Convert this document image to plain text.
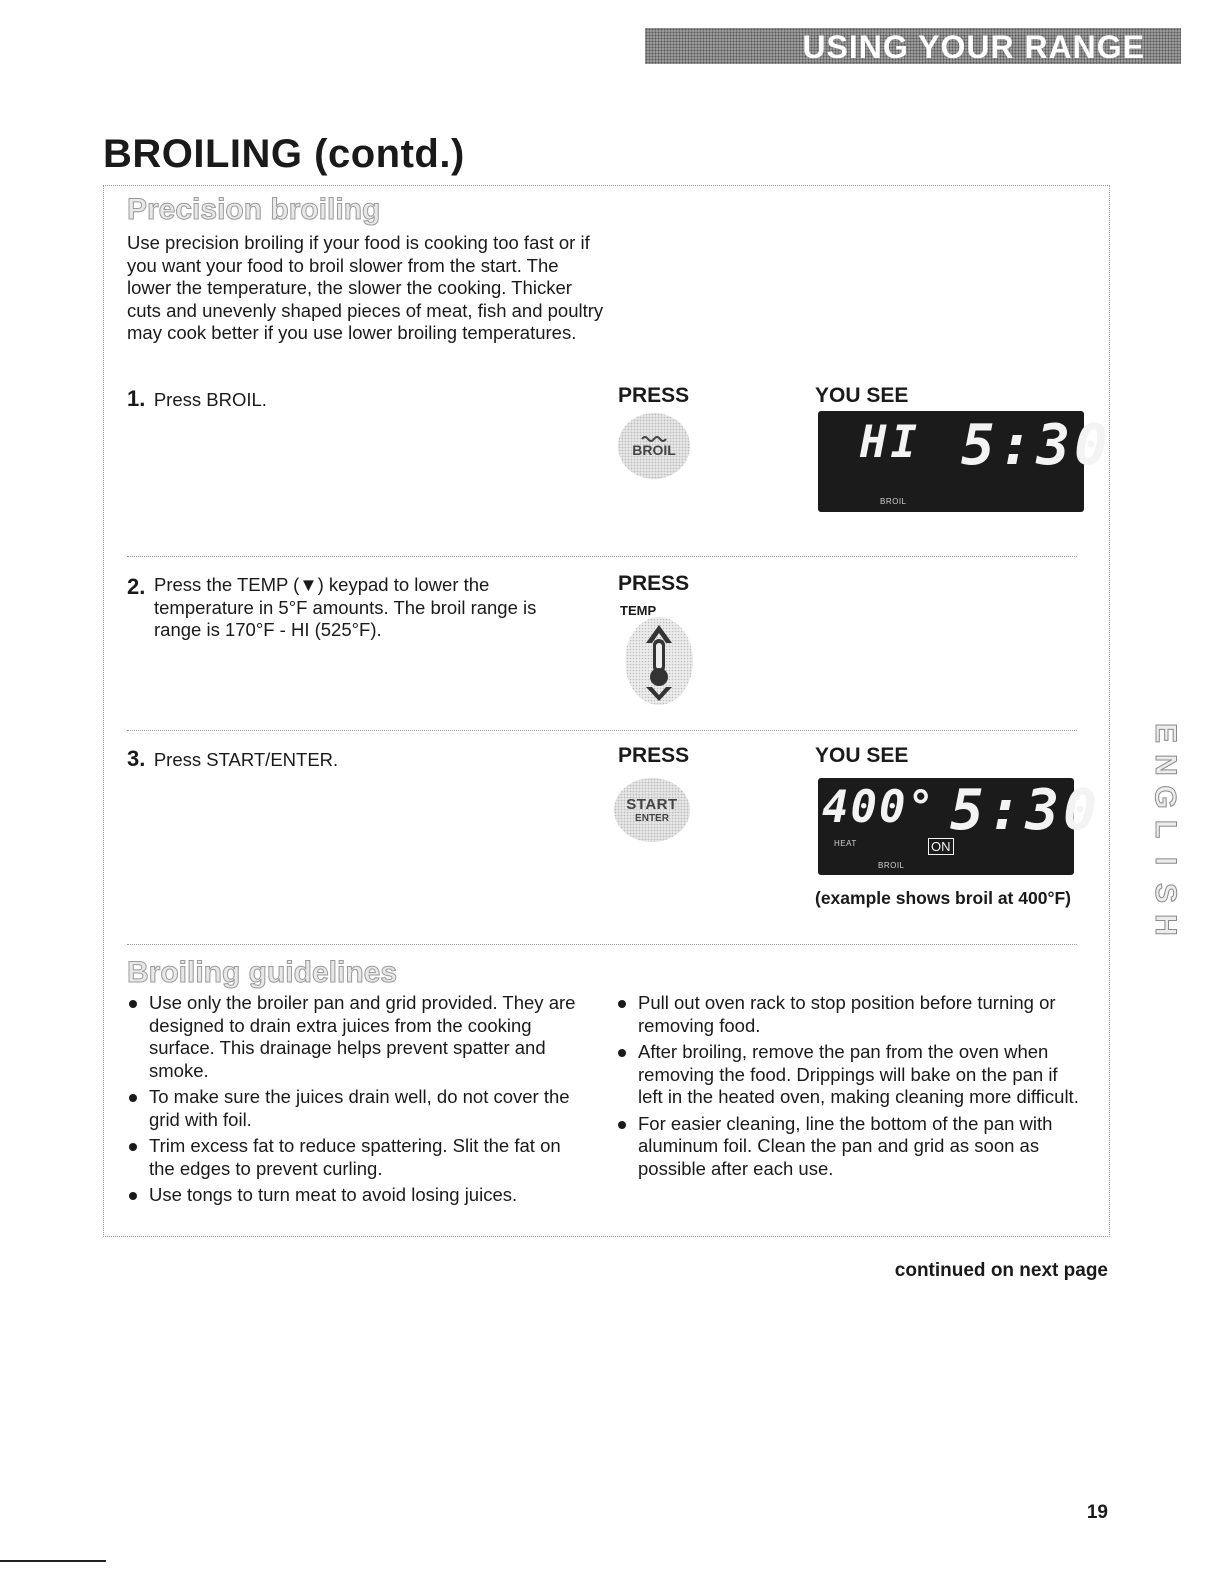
USING YOUR RANGE
BROILING (contd.)
Precision broiling
Use precision broiling if your food is cooking too fast or if you want your food to broil slower from the start. The lower the temperature, the slower the cooking. Thicker cuts and unevenly shaped pieces of meat, fish and poultry may cook better if you use lower broiling temperatures.
1. Press BROIL.	PRESS
BROIL
YOU SEE
HI 5:30
BROIL
2. Press the TEMP (▼) keypad to lower the temperature in 5°F amounts. The broil range is range is 170°F - HI (525°F).
PRESS
TEMP
3. Press START/ENTER.	PRESS
START
ENTER
YOU SEE
400° 5:30
HEAT	ON
BROIL
(example shows broil at 400°F)
Broiling guidelines
Use only the broiler pan and grid provided. They are designed to drain extra juices from the cooking surface. This drainage helps prevent spatter and smoke.
To make sure the juices drain well, do not cover the grid with foil.
Trim excess fat to reduce spattering. Slit the fat on the edges to prevent curling.
Use tongs to turn meat to avoid losing juices.
Pull out oven rack to stop position before turning or removing food.
After broiling, remove the pan from the oven when removing the food. Drippings will bake on the pan if left in the heated oven, making cleaning more difficult.
For easier cleaning, line the bottom of the pan with aluminum foil. Clean the pan and grid as soon as possible after each use.
E
N
G
L
I
S
H
continued on next page
19
